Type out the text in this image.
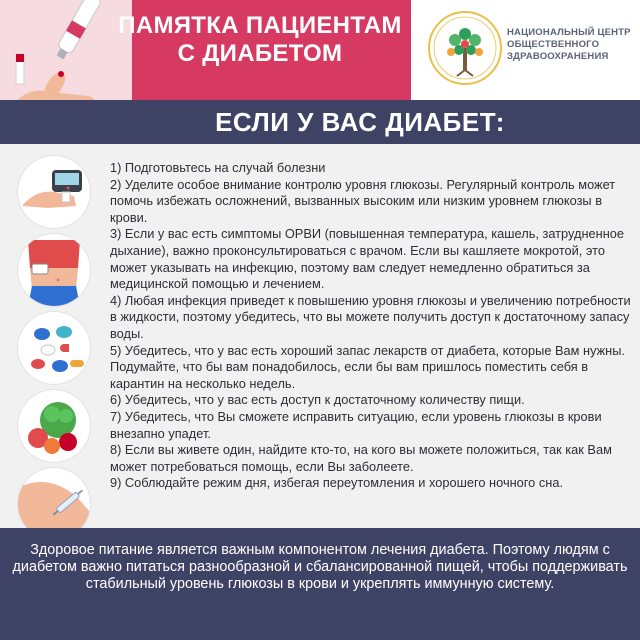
ПАМЯТКА ПАЦИЕНТАМ
С ДИАБЕТОМ
НАЦИОНАЛЬНЫЙ ЦЕНТР
ОБЩЕСТВЕННОГО
ЗДРАВООХРАНЕНИЯ
ЕСЛИ У ВАС ДИАБЕТ:
1) Подготовьтесь на случай болезни
2) Уделите особое внимание контролю уровня глюкозы. Регулярный контроль может помочь избежать осложнений, вызванных высоким или низким уровнем глюкозы в крови.
3) Если у вас есть симптомы ОРВИ (повышенная температура, кашель, затрудненное дыхание), важно проконсультироваться с врачом. Если вы кашляете мокротой, это может указывать на инфекцию, поэтому вам следует немедленно обратиться за медицинской помощью и лечением.
4) Любая инфекция приведет к повышению уровня глюкозы и увеличению потребности в жидкости, поэтому убедитесь, что вы можете получить доступ к достаточному запасу воды.
5) Убедитесь, что у вас есть хороший запас лекарств от диабета, которые Вам нужны. Подумайте, что бы вам понадобилось, если бы вам пришлось поместить себя в карантин на несколько недель.
6) Убедитесь, что у вас есть доступ к достаточному количеству пищи.
7) Убедитесь, что Вы сможете исправить ситуацию, если уровень глюкозы в крови внезапно упадет.
8) Если вы живете один, найдите кто-то, на кого вы можете положиться, так как Вам может потребоваться помощь, если Вы заболеете.
9) Соблюдайте режим дня, избегая переутомления и хорошего ночного сна.
Здоровое питание является важным компонентом лечения диабета. Поэтому людям с диабетом важно питаться разнообразной и сбалансированной пищей, чтобы поддерживать стабильный уровень глюкозы в крови и укреплять иммунную систему.
